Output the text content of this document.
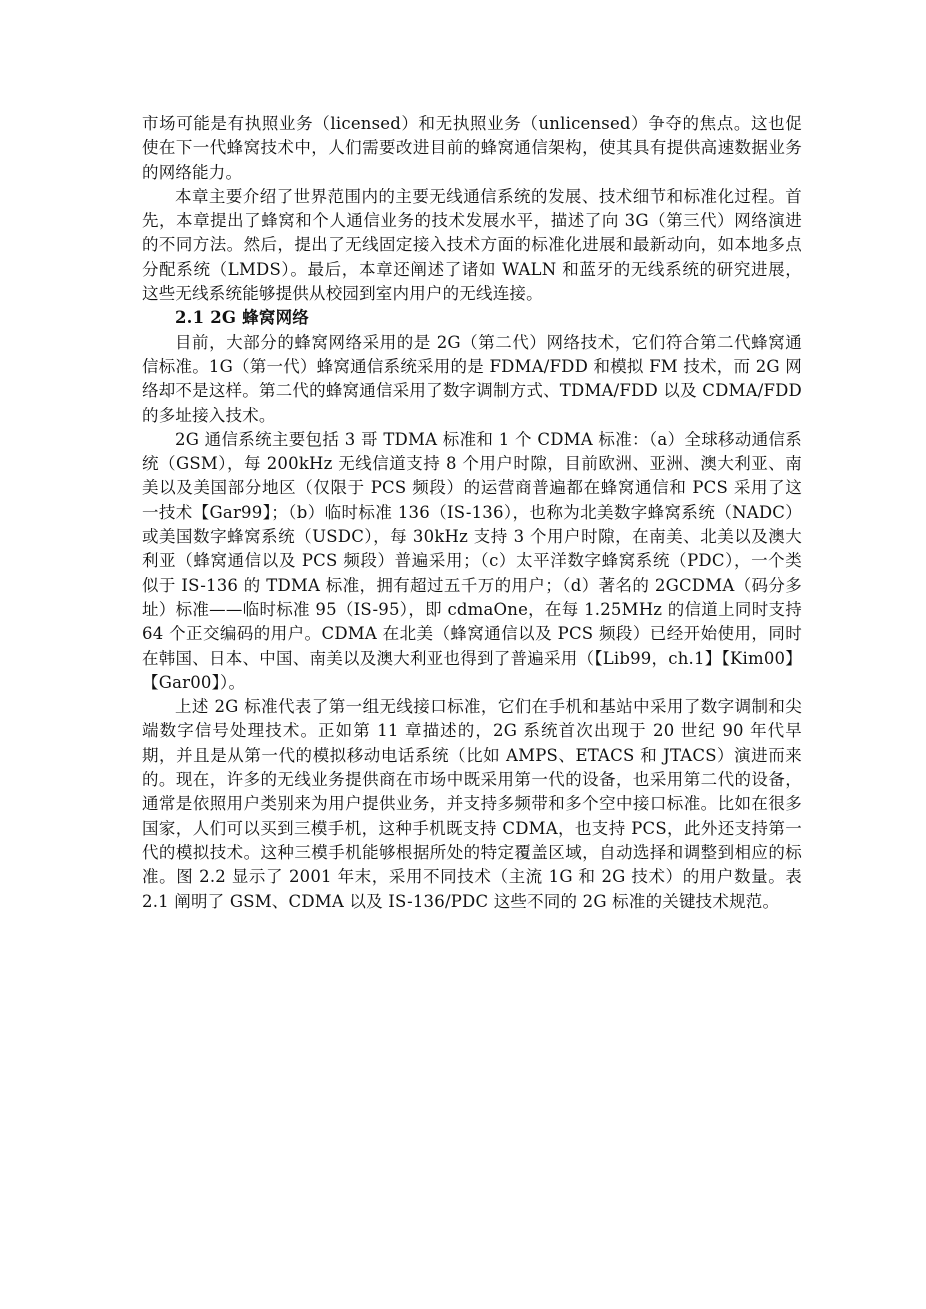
市场可能是有执照业务（licensed）和无执照业务（unlicensed）争夺的焦点。这也促使在下一代蜂窝技术中，人们需要改进目前的蜂窝通信架构，使其具有提供高速数据业务的网络能力。

本章主要介绍了世界范围内的主要无线通信系统的发展、技术细节和标准化过程。首先，本章提出了蜂窝和个人通信业务的技术发展水平，描述了向 3G（第三代）网络演进的不同方法。然后，提出了无线固定接入技术方面的标准化进展和最新动向，如本地多点分配系统（LMDS）。最后，本章还阐述了诸如 WALN 和蓝牙的无线系统的研究进展，这些无线系统能够提供从校园到室内用户的无线连接。

2.1 2G 蜂窝网络

目前，大部分的蜂窝网络采用的是 2G（第二代）网络技术，它们符合第二代蜂窝通信标准。1G（第一代）蜂窝通信系统采用的是 FDMA/FDD 和模拟 FM 技术，而 2G 网络却不是这样。第二代的蜂窝通信采用了数字调制方式、TDMA/FDD 以及 CDMA/FDD 的多址接入技术。

2G 通信系统主要包括 3 哥 TDMA 标准和 1 个 CDMA 标准：（a）全球移动通信系统（GSM），每 200kHz 无线信道支持 8 个用户时隙，目前欧洲、亚洲、澳大利亚、南美以及美国部分地区（仅限于 PCS 频段）的运营商普遍都在蜂窝通信和 PCS 采用了这一技术【Gar99】；（b）临时标准 136（IS-136），也称为北美数字蜂窝系统（NADC）或美国数字蜂窝系统（USDC），每 30kHz 支持 3 个用户时隙，在南美、北美以及澳大利亚（蜂窝通信以及 PCS 频段）普遍采用；（c）太平洋数字蜂窝系统（PDC），一个类似于 IS-136 的 TDMA 标准，拥有超过五千万的用户；（d）著名的 2GCDMA（码分多址）标准——临时标准 95（IS-95），即 cdmaOne，在每 1.25MHz 的信道上同时支持 64 个正交编码的用户。CDMA 在北美（蜂窝通信以及 PCS 频段）已经开始使用，同时在韩国、日本、中国、南美以及澳大利亚也得到了普遍采用（【Lib99，ch.1】【Kim00】【Gar00】）。

上述 2G 标准代表了第一组无线接口标准，它们在手机和基站中采用了数字调制和尖端数字信号处理技术。正如第 11 章描述的，2G 系统首次出现于 20 世纪 90 年代早期，并且是从第一代的模拟移动电话系统（比如 AMPS、ETACS 和 JTACS）演进而来的。现在，许多的无线业务提供商在市场中既采用第一代的设备，也采用第二代的设备，通常是依照用户类别来为用户提供业务，并支持多频带和多个空中接口标准。比如在很多国家，人们可以买到三模手机，这种手机既支持 CDMA，也支持 PCS，此外还支持第一代的模拟技术。这种三模手机能够根据所处的特定覆盖区域，自动选择和调整到相应的标准。图 2.2 显示了 2001 年末，采用不同技术（主流 1G 和 2G 技术）的用户数量。表 2.1 阐明了 GSM、CDMA 以及 IS-136/PDC 这些不同的 2G 标准的关键技术规范。
